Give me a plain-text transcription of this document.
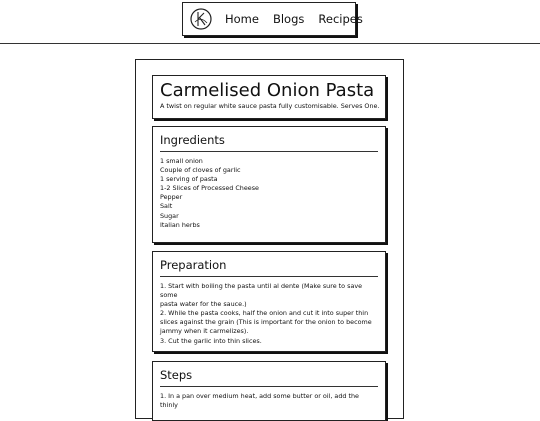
Home Blogs Recipes
Carmelised Onion Pasta
A twist on regular white sauce pasta fully customisable. Serves One.
Ingredients
1 small onion
Couple of cloves of garlic
1 serving of pasta
1-2 Slices of Processed Cheese
Pepper
Salt
Sugar
Italian herbs
Preparation
1. Start with boiling the pasta until al dente (Make sure to save some
pasta water for the sauce.)
2. While the pasta cooks, half the onion and cut it into super thin
slices against the grain (This is important for the onion to become
jammy when it carmelizes).
3. Cut the garlic into thin slices.
Steps
1. In a pan over medium heat, add some butter or oil, add the thinly
